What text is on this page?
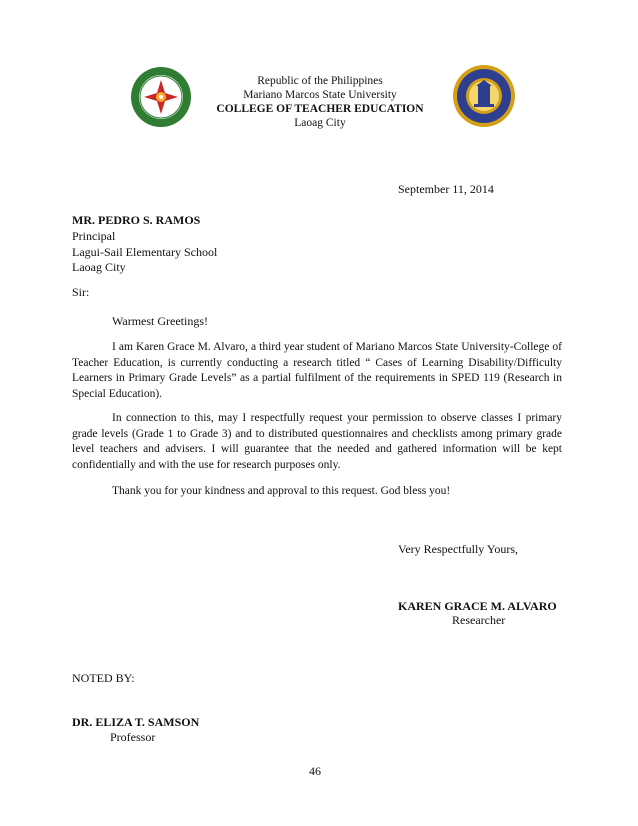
Republic of the Philippines
Mariano Marcos State University
COLLEGE OF TEACHER EDUCATION
Laoag City
September 11, 2014
MR. PEDRO S. RAMOS
Principal
Lagui-Sail Elementary School
Laoag City
Sir:
Warmest Greetings!
I am Karen Grace M. Alvaro, a third year student of Mariano Marcos State University-College of Teacher Education, is currently conducting a research titled “ Cases of Learning Disability/Difficulty Learners in Primary Grade Levels” as a partial fulfilment of the requirements in SPED 119 (Research in Special Education).
In connection to this, may I respectfully request your permission to observe classes I primary grade levels (Grade 1 to Grade 3) and to distributed questionnaires and checklists among primary grade level teachers and advisers. I will guarantee that the needed and gathered information will be kept confidentially and with the use for research purposes only.
Thank you for your kindness and approval to this request. God bless you!
Very Respectfully Yours,
KAREN GRACE M. ALVARO
Researcher
NOTED BY:
DR. ELIZA T. SAMSON
Professor
46
